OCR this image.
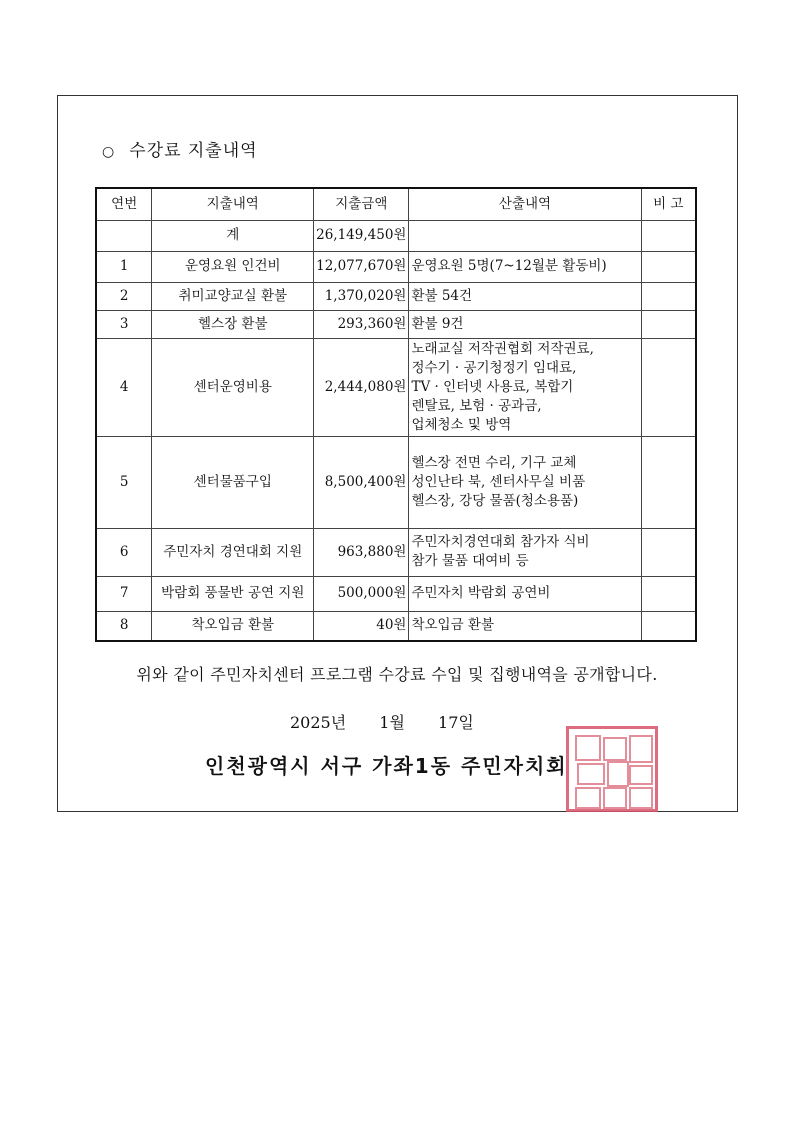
○ 수강료 지출내역
연번	지출내역	지출금액	산출내역	비 고
	계	26,149,450원		
1	운영요원 인건비	12,077,670원	운영요원 5명(7~12월분 활동비)	
2	취미교양교실 환불	1,370,020원	환불 54건	
3	헬스장 환불	293,360원	환불 9건	
4	센터운영비용	2,444,080원	노래교실 저작권협회 저작권료,
정수기 · 공기청정기 임대료,
TV · 인터넷 사용료, 복합기
렌탈료, 보험 · 공과금,
업체청소 및 방역	
5	센터물품구입	8,500,400원	헬스장 전면 수리, 기구 교체
성인난타 북, 센터사무실 비품
헬스장, 강당 물품(청소용품)	
6	주민자치 경연대회 지원	963,880원	주민자치경연대회 참가자 식비
참가 물품 대여비 등	
7	박람회 풍물반 공연 지원	500,000원	주민자치 박람회 공연비	
8	착오입금 환불	40원	착오입금 환불	
위와 같이 주민자치센터 프로그램 수강료 수입 및 집행내역을 공개합니다.
2025년 1월 17일
인천광역시 서구 가좌1동 주민자치회
